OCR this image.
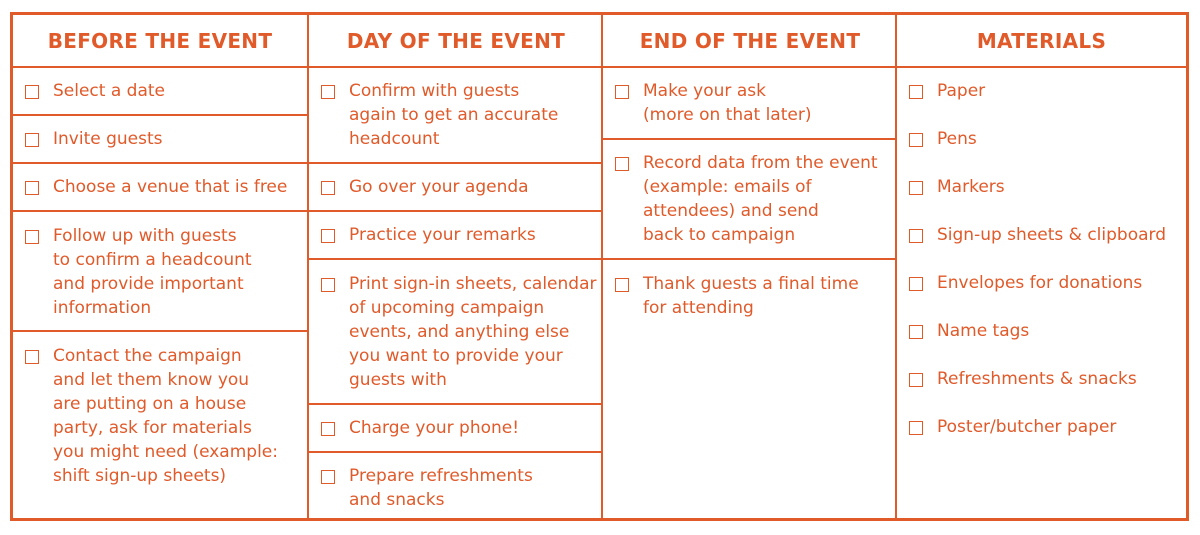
BEFORE THE EVENT
Select a date
Invite guests
Choose a venue that is free
Follow up with guests
to confirm a headcount
and provide important
information
Contact the campaign
and let them know you
are putting on a house
party, ask for materials
you might need (example:
shift sign-up sheets)
DAY OF THE EVENT
Confirm with guests
again to get an accurate
headcount
Go over your agenda
Practice your remarks
Print sign-in sheets, calendar
of upcoming campaign
events, and anything else
you want to provide your
guests with
Charge your phone!
Prepare refreshments
and snacks
END OF THE EVENT
Make your ask
(more on that later)
Record data from the event
(example: emails of
attendees) and send
back to campaign
Thank guests a final time
for attending
MATERIALS
Paper
Pens
Markers
Sign-up sheets & clipboard
Envelopes for donations
Name tags
Refreshments & snacks
Poster/butcher paper
